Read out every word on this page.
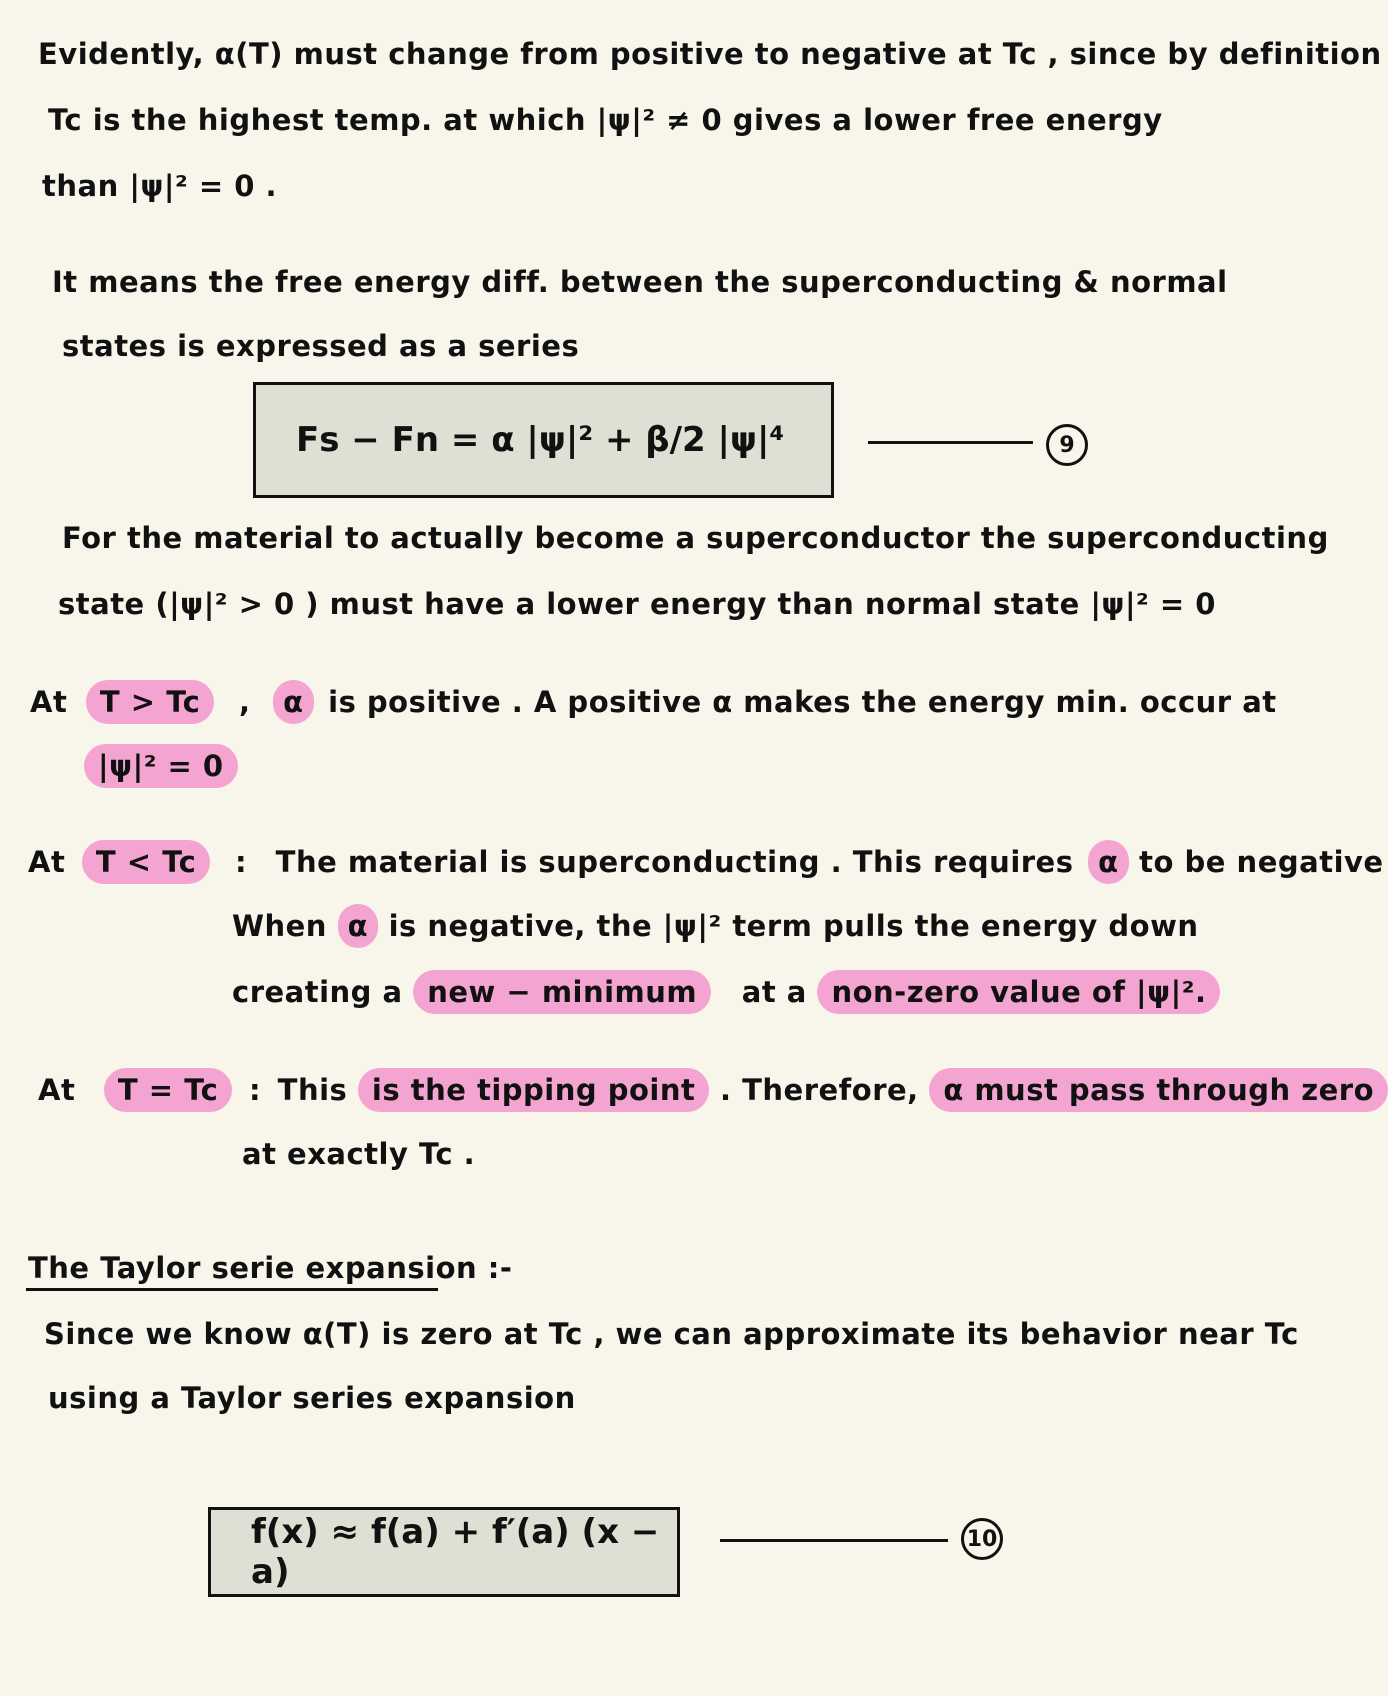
Evidently, α(T) must change from positive to negative at Tc , since by definition
Tc is the highest temp. at which |ψ|² ≠ 0 gives a lower free energy
than |ψ|² = 0 .
It means the free energy diff. between the superconducting & normal
states is expressed as a series
Fs − Fn = α |ψ|² + β/2 |ψ|⁴	9
For the material to actually become a superconductor the superconducting
state (|ψ|² > 0 ) must have a lower energy than normal state |ψ|² = 0
At T > Tc , α is positive . A positive α makes the energy min. occur at
|ψ|² = 0
At T < Tc : The material is superconducting . This requires α to be negative
When α is negative, the |ψ|² term pulls the energy down
creating a new − minimum at a non-zero value of |ψ|².
At T = Tc : This is the tipping point . Therefore, α must pass through zero
at exactly Tc .
The Taylor serie expansion :-
Since we know α(T) is zero at Tc , we can approximate its behavior near Tc
using a Taylor series expansion
f(x) ≈ f(a) + f′(a) (x − a)
10
